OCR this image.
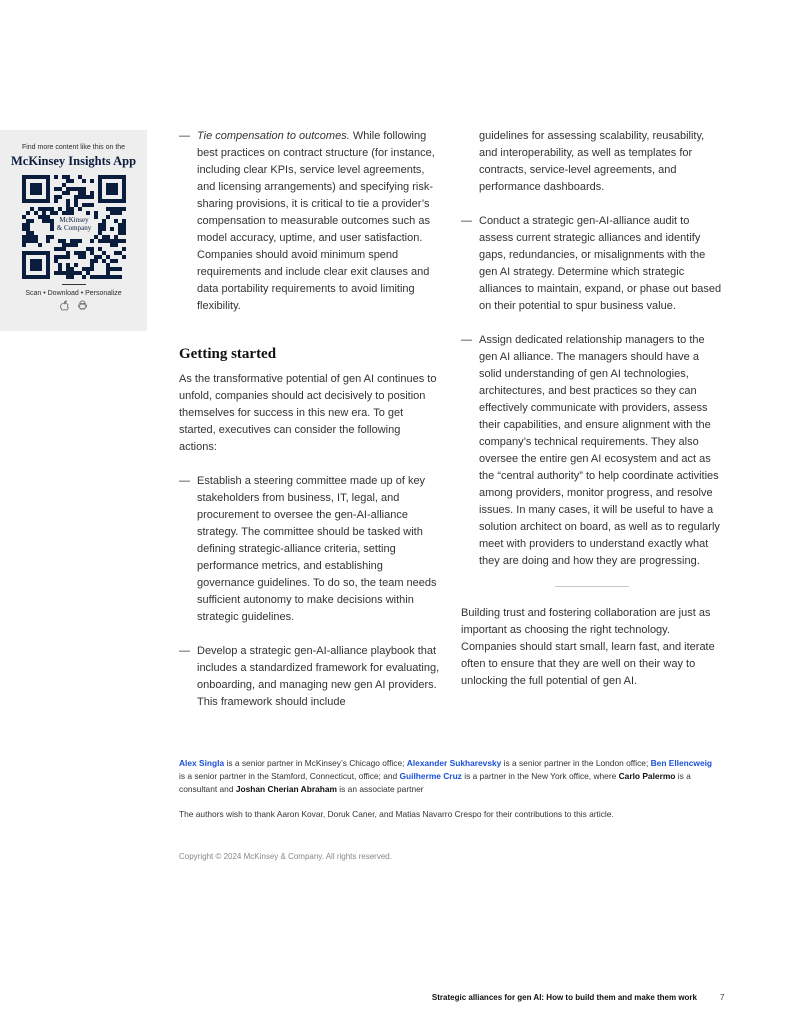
Find more content like this on the
McKinsey Insights App
McKinsey
& Company
Scan • Download • Personalize

— Tie compensation to outcomes. While following best practices on contract structure (for instance, including clear KPIs, service level agreements, and licensing arrangements) and specifying risk-sharing provisions, it is critical to tie a provider’s compensation to measurable outcomes such as model accuracy, uptime, and user satisfaction. Companies should avoid minimum spend requirements and include clear exit clauses and data portability requirements to avoid limiting flexibility.
Getting started
As the transformative potential of gen AI continues to unfold, companies should act decisively to position themselves for success in this new era. To get started, executives can consider the following actions:
— Establish a steering committee made up of key stakeholders from business, IT, legal, and procurement to oversee the gen-AI-alliance strategy. The committee should be tasked with defining strategic-alliance criteria, setting performance metrics, and establishing governance guidelines. To do so, the team needs sufficient autonomy to make decisions within strategic guidelines.
— Develop a strategic gen-AI-alliance playbook that includes a standardized framework for evaluating, onboarding, and managing new gen AI providers. This framework should include
guidelines for assessing scalability, reusability, and interoperability, as well as templates for contracts, service-level agreements, and performance dashboards.
— Conduct a strategic gen-AI-alliance audit to assess current strategic alliances and identify gaps, redundancies, or misalignments with the gen AI strategy. Determine which strategic alliances to maintain, expand, or phase out based on their potential to spur business value.
— Assign dedicated relationship managers to the gen AI alliance. The managers should have a solid understanding of gen AI technologies, architectures, and best practices so they can effectively communicate with providers, assess their capabilities, and ensure alignment with the company’s technical requirements. They also oversee the entire gen AI ecosystem and act as the “central authority” to help coordinate activities among providers, monitor progress, and resolve issues. In many cases, it will be useful to have a solution architect on board, as well as to regularly meet with providers to understand exactly what they are doing and how they are progressing.
Building trust and fostering collaboration are just as important as choosing the right technology. Companies should start small, learn fast, and iterate often to ensure that they are well on their way to unlocking the full potential of gen AI.
Alex Singla is a senior partner in McKinsey’s Chicago office; Alexander Sukharevsky is a senior partner in the London office; Ben Ellencweig is a senior partner in the Stamford, Connecticut, office; and Guilherme Cruz is a partner in the New York office, where Carlo Palermo is a consultant and Joshan Cherian Abraham is an associate partner
The authors wish to thank Aaron Kovar, Doruk Caner, and Matias Navarro Crespo for their contributions to this article.
Copyright © 2024 McKinsey & Company. All rights reserved.
Strategic alliances for gen AI: How to build them and make them work	7
